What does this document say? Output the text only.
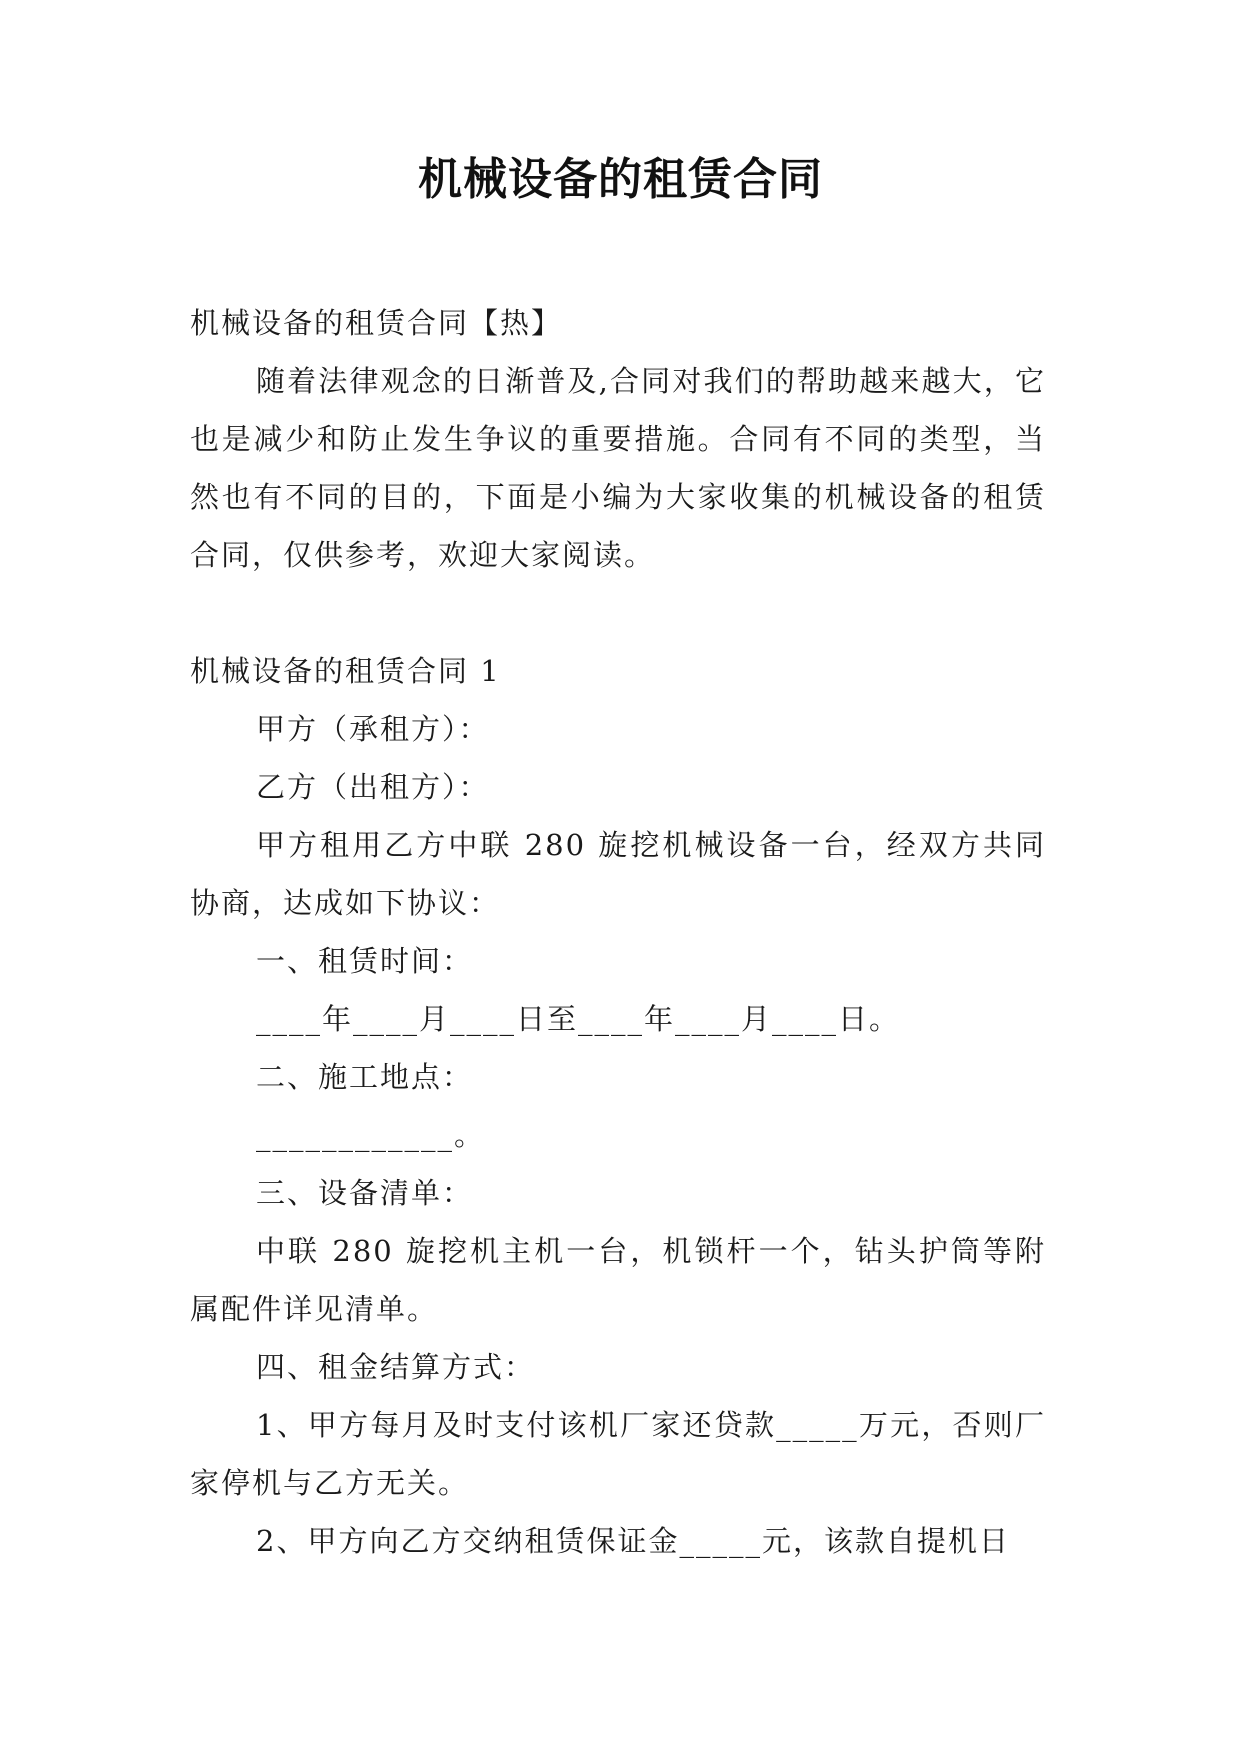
机械设备的租赁合同

机械设备的租赁合同【热】

随着法律观念的日渐普及,合同对我们的帮助越来越大，它也是减少和防止发生争议的重要措施。合同有不同的类型，当然也有不同的目的，下面是小编为大家收集的机械设备的租赁合同，仅供参考，欢迎大家阅读。

机械设备的租赁合同 1

甲方（承租方）：

乙方（出租方）：

甲方租用乙方中联 280 旋挖机械设备一台，经双方共同协商，达成如下协议：

一、租赁时间：

____年____月____日至____年____月____日。

二、施工地点：

____________。

三、设备清单：

中联 280 旋挖机主机一台，机锁杆一个，钻头护筒等附属配件详见清单。

四、租金结算方式：

1、甲方每月及时支付该机厂家还贷款_____万元，否则厂家停机与乙方无关。

2、甲方向乙方交纳租赁保证金_____元，该款自提机日
